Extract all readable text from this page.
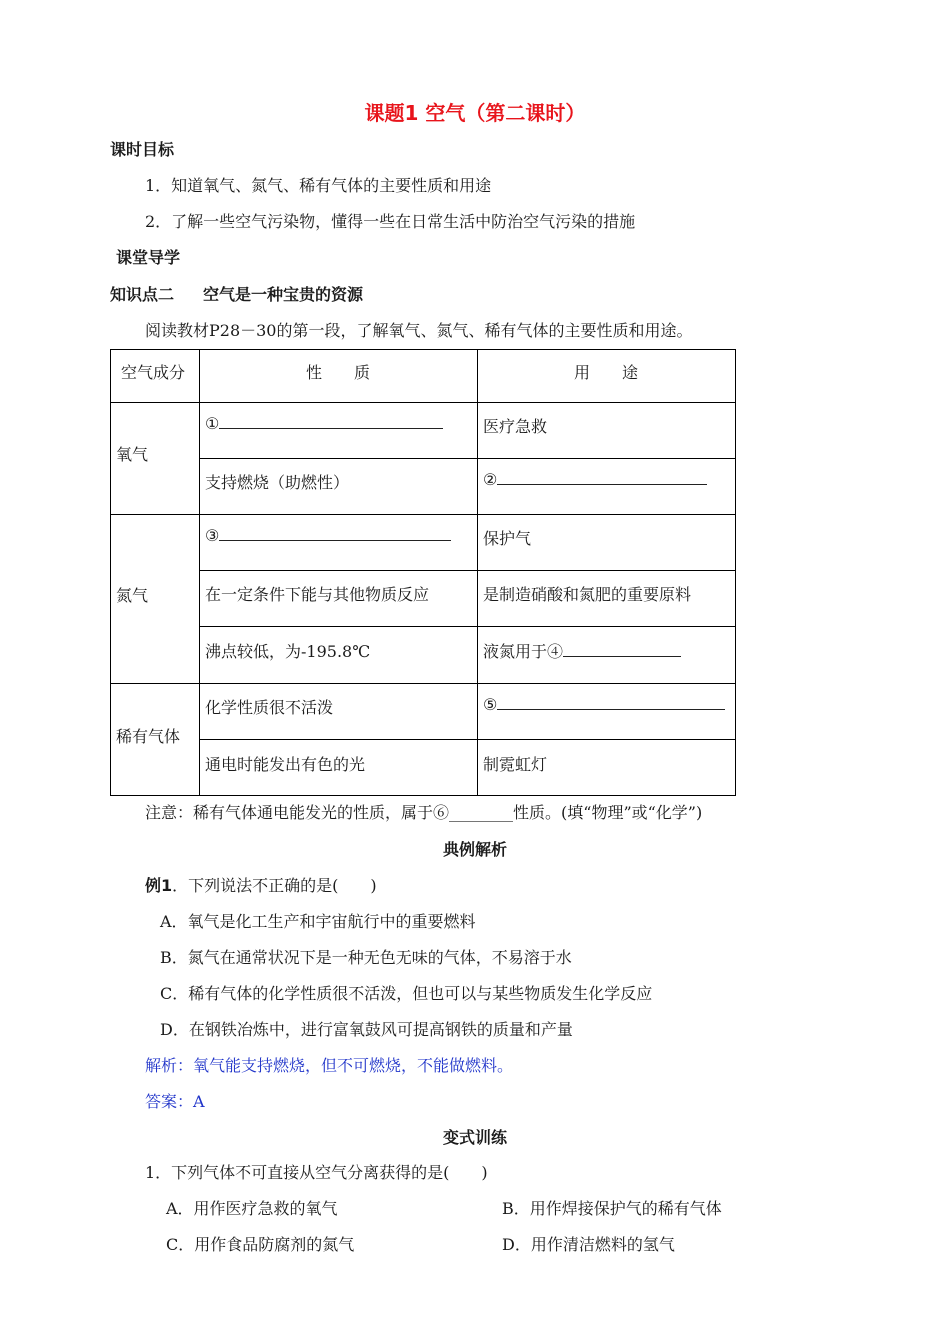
课题1 空气（第二课时）
课时目标
1．知道氧气、氮气、稀有气体的主要性质和用途
2．了解一些空气污染物，懂得一些在日常生活中防治空气污染的措施
课堂导学
知识点二 空气是一种宝贵的资源
阅读教材P28－30的第一段，了解氧气、氮气、稀有气体的主要性质和用途。
空气成分	性　　质	用　　途
氧气
①	医疗急救
支持燃烧（助燃性）	②
氮气
③	保护气
在一定条件下能与其他物质反应	是制造硝酸和氮肥的重要原料
沸点较低，为-195.8℃	液氮用于④
稀有气体
化学性质很不活泼	⑤
通电时能发出有色的光	制霓虹灯
注意：稀有气体通电能发光的性质，属于⑥________性质。(填“物理”或“化学”)
典例解析
例1．下列说法不正确的是(　　)
A．氧气是化工生产和宇宙航行中的重要燃料
B．氮气在通常状况下是一种无色无味的气体，不易溶于水
C．稀有气体的化学性质很不活泼，但也可以与某些物质发生化学反应
D．在钢铁冶炼中，进行富氧鼓风可提高钢铁的质量和产量
解析：氧气能支持燃烧，但不可燃烧，不能做燃料。
答案：A
变式训练
1．下列气体不可直接从空气分离获得的是(　　)
A．用作医疗急救的氧气	B．用作焊接保护气的稀有气体
C．用作食品防腐剂的氮气	D．用作清洁燃料的氢气
